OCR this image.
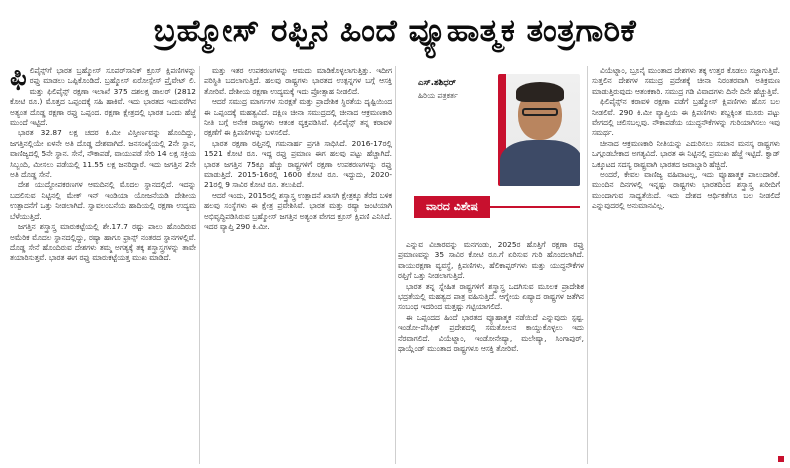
ಬ್ರಹ್ಮೋಸ್ ರಫ್ತಿನ ಹಿಂದೆ ವ್ಯೂಹಾತ್ಮಕ ತಂತ್ರಗಾರಿಕೆ

ಫಿ ಲಿಪೈನ್ಸ್‌ಗೆ ಭಾರತ ಬ್ರಹ್ಮೋಸ್ ಸೂಪರ್‌ಸಾನಿಕ್ ಕ್ರೂಸ್ ಕ್ಷಿಪಣಿಗಳನ್ನು ರಫ್ತು ಮಾಡಲು ಒಪ್ಪಿಕೊಂಡಿದೆ. ಬ್ರಹ್ಮೋಸ್ ಏರೋಸ್ಪೇಸ್ ಪ್ರೈವೇಟ್ ಲಿ. ಮತ್ತು ಫಿಲಿಪೈನ್ಸ್ ರಕ್ಷಣಾ ಇಲಾಖೆ 375 ದಶಲಕ್ಷ ಡಾಲರ್ (2812 ಕೋಟಿ ರೂ.) ಮೊತ್ತದ ಒಪ್ಪಂದಕ್ಕೆ ಸಹಿ ಹಾಕಿವೆ. ಇದು ಭಾರತದ ಇದುವರೆಗಿನ ಅತ್ಯಂತ ದೊಡ್ಡ ರಕ್ಷಣಾ ರಫ್ತು ಒಪ್ಪಂದ. ರಕ್ಷಣಾ ಕ್ಷೇತ್ರದಲ್ಲಿ ಭಾರತ ಒಂದು ಹೆಜ್ಜೆ ಮುಂದೆ ಇಟ್ಟಿದೆ.

ಭಾರತ 32.87 ಲಕ್ಷ ಚದರ ಕಿ.ಮೀ ವಿಸ್ತೀರ್ಣವನ್ನು ಹೊಂದಿದ್ದು, ಜಗತ್ತಿನಲ್ಲಿಯೇ ಏಳನೇ ಅತಿ ದೊಡ್ಡ ದೇಶವಾಗಿದೆ. ಜನಸಂಖ್ಯೆಯಲ್ಲಿ 2ನೇ ಸ್ಥಾನ, ವಾಣಿಜ್ಯದಲ್ಲಿ 5ನೇ ಸ್ಥಾನ. ಸೇನೆ, ನೌಕಾಪಡೆ, ವಾಯುಪಡೆ ಸೇರಿ 14 ಲಕ್ಷ ಸಕ್ರಿಯ ಸಿಬ್ಬಂದಿ, ಮೀಸಲು ಪಡೆಯಲ್ಲಿ 11.55 ಲಕ್ಷ ಜನರಿದ್ದಾರೆ. ಇದು ಜಗತ್ತಿನ 2ನೇ ಅತಿ ದೊಡ್ಡ ಸೇನೆ.

ದೇಶ ಯುದ್ಧೋಪಕರಣಗಳ ಆಮದಿನಲ್ಲಿ ಮೊದಲ ಸ್ಥಾನದಲ್ಲಿದೆ. ಇದನ್ನು ಬದಲಿಸುವ ನಿಟ್ಟಿನಲ್ಲಿ ಮೇಕ್ ಇನ್ ಇಂಡಿಯಾ ಯೋಜನೆಯಡಿ ದೇಶೀಯ ಉತ್ಪಾದನೆಗೆ ಒತ್ತು ನೀಡಲಾಗಿದೆ. ಸ್ವಾವಲಂಬನೆಯ ಹಾದಿಯಲ್ಲಿ ರಕ್ಷಣಾ ಉದ್ಯಮ ಬೆಳೆಯುತ್ತಿದೆ.

ಜಗತ್ತಿನ ಶಸ್ತ್ರಾಸ್ತ್ರ ಮಾರುಕಟ್ಟೆಯಲ್ಲಿ ಶೇ.17.7 ರಷ್ಟು ಪಾಲು ಹೊಂದಿರುವ ಅಮೆರಿಕ ಮೊದಲ ಸ್ಥಾನದಲ್ಲಿದ್ದು, ರಷ್ಯಾ ಹಾಗೂ ಫ್ರಾನ್ಸ್ ನಂತರದ ಸ್ಥಾನಗಳಲ್ಲಿವೆ. ದೊಡ್ಡ ಸೇನೆ ಹೊಂದಿರುವ ದೇಶಗಳು ತಮ್ಮ ಅಗತ್ಯಕ್ಕೆ ತಕ್ಕ ಶಸ್ತ್ರಾಸ್ತ್ರಗಳನ್ನು ತಾವೇ ತಯಾರಿಸುತ್ತವೆ. ಭಾರತ ಈಗ ರಫ್ತು ಮಾರುಕಟ್ಟೆಯತ್ತ ಮುಖ ಮಾಡಿದೆ.

ಮತ್ತು ಇತರ ಉಪಕರಣಗಳನ್ನು ಆಮದು ಮಾಡಿಕೊಳ್ಳಲಾಗುತ್ತಿತ್ತು. ಇದೀಗ ಪರಿಸ್ಥಿತಿ ಬದಲಾಗುತ್ತಿದೆ. ಹಲವು ರಾಷ್ಟ್ರಗಳು ಭಾರತದ ಉತ್ಪನ್ನಗಳ ಬಗ್ಗೆ ಆಸಕ್ತಿ ತೋರಿವೆ. ದೇಶೀಯ ರಕ್ಷಣಾ ಉದ್ಯಮಕ್ಕೆ ಇದು ಪ್ರೋತ್ಸಾಹ ನೀಡಲಿದೆ.

ಆದರೆ ಸಮುದ್ರ ಮಾರ್ಗಗಳ ಸುರಕ್ಷತೆ ಮತ್ತು ಪ್ರಾದೇಶಿಕ ಸ್ಥಿರತೆಯ ದೃಷ್ಟಿಯಿಂದ ಈ ಒಪ್ಪಂದಕ್ಕೆ ಮಹತ್ವವಿದೆ. ದಕ್ಷಿಣ ಚೀನಾ ಸಮುದ್ರದಲ್ಲಿ ಚೀನಾದ ಆಕ್ರಮಣಕಾರಿ ನೀತಿ ಬಗ್ಗೆ ಅನೇಕ ರಾಷ್ಟ್ರಗಳು ಆತಂಕ ವ್ಯಕ್ತಪಡಿಸಿವೆ. ಫಿಲಿಪೈನ್ಸ್ ತನ್ನ ಕರಾವಳಿ ರಕ್ಷಣೆಗೆ ಈ ಕ್ಷಿಪಣಿಗಳನ್ನು ಬಳಸಲಿದೆ.

ಭಾರತ ರಕ್ಷಣಾ ರಫ್ತಿನಲ್ಲಿ ಗಮನಾರ್ಹ ಪ್ರಗತಿ ಸಾಧಿಸಿದೆ. 2016-17ರಲ್ಲಿ 1521 ಕೋಟಿ ರೂ. ಇದ್ದ ರಫ್ತು ಪ್ರಮಾಣ ಈಗ ಹಲವು ಪಟ್ಟು ಹೆಚ್ಚಾಗಿದೆ. ಭಾರತ ಜಗತ್ತಿನ 75ಕ್ಕೂ ಹೆಚ್ಚು ರಾಷ್ಟ್ರಗಳಿಗೆ ರಕ್ಷಣಾ ಉಪಕರಣಗಳನ್ನು ರಫ್ತು ಮಾಡುತ್ತಿದೆ. 2015-16ರಲ್ಲಿ 1600 ಕೋಟಿ ರೂ. ಇದ್ದುದು, 2020-21ರಲ್ಲಿ 9 ಸಾವಿರ ಕೋಟಿ ರೂ. ತಲುಪಿದೆ.

ಆದರೆ ಇಂದು, 2015ರಲ್ಲಿ ಶಸ್ತ್ರಾಸ್ತ್ರ ಉತ್ಪಾದನೆ ಖಾಸಗಿ ಕ್ಷೇತ್ರಕ್ಕೂ ತೆರೆದ ಬಳಿಕ ಹಲವು ಸಂಸ್ಥೆಗಳು ಈ ಕ್ಷೇತ್ರ ಪ್ರವೇಶಿಸಿವೆ. ಭಾರತ ಮತ್ತು ರಷ್ಯಾ ಜಂಟಿಯಾಗಿ ಅಭಿವೃದ್ಧಿಪಡಿಸಿರುವ ಬ್ರಹ್ಮೋಸ್ ಜಗತ್ತಿನ ಅತ್ಯಂತ ವೇಗದ ಕ್ರೂಸ್ ಕ್ಷಿಪಣಿ ಎನಿಸಿದೆ. ಇದರ ವ್ಯಾಪ್ತಿ 290 ಕಿ.ಮೀ.

ಎಸ್.ಶಶಿಧರ್
ಹಿರಿಯ ಪತ್ರಕರ್ತ
ವಾರದ ವಿಶೇಷ

ಎನ್ನುವ ವಿಚಾರವನ್ನು ಮನಗಂಡು, 2025ರ ಹೊತ್ತಿಗೆ ರಕ್ಷಣಾ ರಫ್ತು ಪ್ರಮಾಣವನ್ನು 35 ಸಾವಿರ ಕೋಟಿ ರೂ.ಗೆ ಏರಿಸುವ ಗುರಿ ಹೊಂದಲಾಗಿದೆ. ವಾಯುರಕ್ಷಣಾ ವ್ಯವಸ್ಥೆ, ಕ್ಷಿಪಣಿಗಳು, ಹೆಲಿಕಾಪ್ಟರ್‌ಗಳು ಮತ್ತು ಯುದ್ಧನೌಕೆಗಳ ರಫ್ತಿಗೆ ಒತ್ತು ನೀಡಲಾಗುತ್ತಿದೆ.

ಭಾರತ ತನ್ನ ಸ್ನೇಹಿತ ರಾಷ್ಟ್ರಗಳಿಗೆ ಶಸ್ತ್ರಾಸ್ತ್ರ ಒದಗಿಸುವ ಮೂಲಕ ಪ್ರಾದೇಶಿಕ ಭದ್ರತೆಯಲ್ಲಿ ಮಹತ್ವದ ಪಾತ್ರ ವಹಿಸುತ್ತಿದೆ. ಆಗ್ನೇಯ ಏಷ್ಯಾದ ರಾಷ್ಟ್ರಗಳ ಜತೆಗಿನ ಸಂಬಂಧ ಇದರಿಂದ ಮತ್ತಷ್ಟು ಗಟ್ಟಿಯಾಗಲಿದೆ.

ಈ ಒಪ್ಪಂದದ ಹಿಂದೆ ಭಾರತದ ವ್ಯೂಹಾತ್ಮಕ ನಡೆಯಿದೆ ಎನ್ನುವುದು ಸ್ಪಷ್ಟ. ಇಂಡೋ-ಪೆಸಿಫಿಕ್ ಪ್ರದೇಶದಲ್ಲಿ ಸಮತೋಲನ ಕಾಯ್ದುಕೊಳ್ಳಲು ಇದು ನೆರವಾಗಲಿದೆ. ವಿಯೆಟ್ನಾಂ, ಇಂಡೋನೇಷ್ಯಾ, ಮಲೇಷ್ಯಾ, ಸಿಂಗಾಪುರ್, ಥಾಯ್ಲೆಂಡ್ ಮುಂತಾದ ರಾಷ್ಟ್ರಗಳೂ ಆಸಕ್ತಿ ತೋರಿವೆ.

ವಿಯೆಟ್ನಾಂ, ಬ್ರೂನೈ ಮುಂತಾದ ದೇಶಗಳು ತಕ್ಕ ಉತ್ತರ ಕೊಡಲು ಸಜ್ಜಾಗುತ್ತಿವೆ. ಸುತ್ತಲಿನ ದೇಶಗಳ ಸಮುದ್ರ ಪ್ರದೇಶಕ್ಕೆ ಚೀನಾ ನಿರಂತರವಾಗಿ ಅತಿಕ್ರಮಣ ಮಾಡುತ್ತಿರುವುದು ಆತಂಕಕಾರಿ. ಸಮುದ್ರ ಗಡಿ ವಿವಾದಗಳು ದಿನೇ ದಿನೇ ಹೆಚ್ಚುತ್ತಿವೆ.

ಫಿಲಿಪೈನ್ಸ್‌ನ ಕರಾವಳಿ ರಕ್ಷಣಾ ಪಡೆಗೆ ಬ್ರಹ್ಮೋಸ್ ಕ್ಷಿಪಣಿಗಳು ಹೊಸ ಬಲ ನೀಡಲಿವೆ. 290 ಕಿ.ಮೀ ವ್ಯಾಪ್ತಿಯ ಈ ಕ್ಷಿಪಣಿಗಳು ಶಬ್ದಕ್ಕಿಂತ ಮೂರು ಪಟ್ಟು ವೇಗದಲ್ಲಿ ಚಲಿಸಬಲ್ಲವು. ನೌಕಾಪಡೆಯ ಯುದ್ಧನೌಕೆಗಳನ್ನು ಗುರಿಯಾಗಿಸಲು ಇವು ಸಮರ್ಥ.

ಚೀನಾದ ಆಕ್ರಮಣಕಾರಿ ನೀತಿಯನ್ನು ಎದುರಿಸಲು ಸಮಾನ ಮನಸ್ಕ ರಾಷ್ಟ್ರಗಳು ಒಗ್ಗೂಡಬೇಕಾದ ಅಗತ್ಯವಿದೆ. ಭಾರತ ಈ ನಿಟ್ಟಿನಲ್ಲಿ ಪ್ರಮುಖ ಹೆಜ್ಜೆ ಇಟ್ಟಿದೆ. ಕ್ವಾಡ್ ಒಕ್ಕೂಟದ ಸದಸ್ಯ ರಾಷ್ಟ್ರವಾಗಿ ಭಾರತದ ಜವಾಬ್ದಾರಿ ಹೆಚ್ಚಿದೆ.

ಅಂದರೆ, ಕೇವಲ ವಾಣಿಜ್ಯ ವಹಿವಾಟಲ್ಲ, ಇದು ವ್ಯೂಹಾತ್ಮಕ ಪಾಲುದಾರಿಕೆ. ಮುಂದಿನ ದಿನಗಳಲ್ಲಿ ಇನ್ನಷ್ಟು ರಾಷ್ಟ್ರಗಳು ಭಾರತದಿಂದ ಶಸ್ತ್ರಾಸ್ತ್ರ ಖರೀದಿಗೆ ಮುಂದಾಗುವ ಸಾಧ್ಯತೆಯಿದೆ. ಇದು ದೇಶದ ಆರ್ಥಿಕತೆಗೂ ಬಲ ನೀಡಲಿದೆ ಎನ್ನುವುದರಲ್ಲಿ ಅನುಮಾನವಿಲ್ಲ.
